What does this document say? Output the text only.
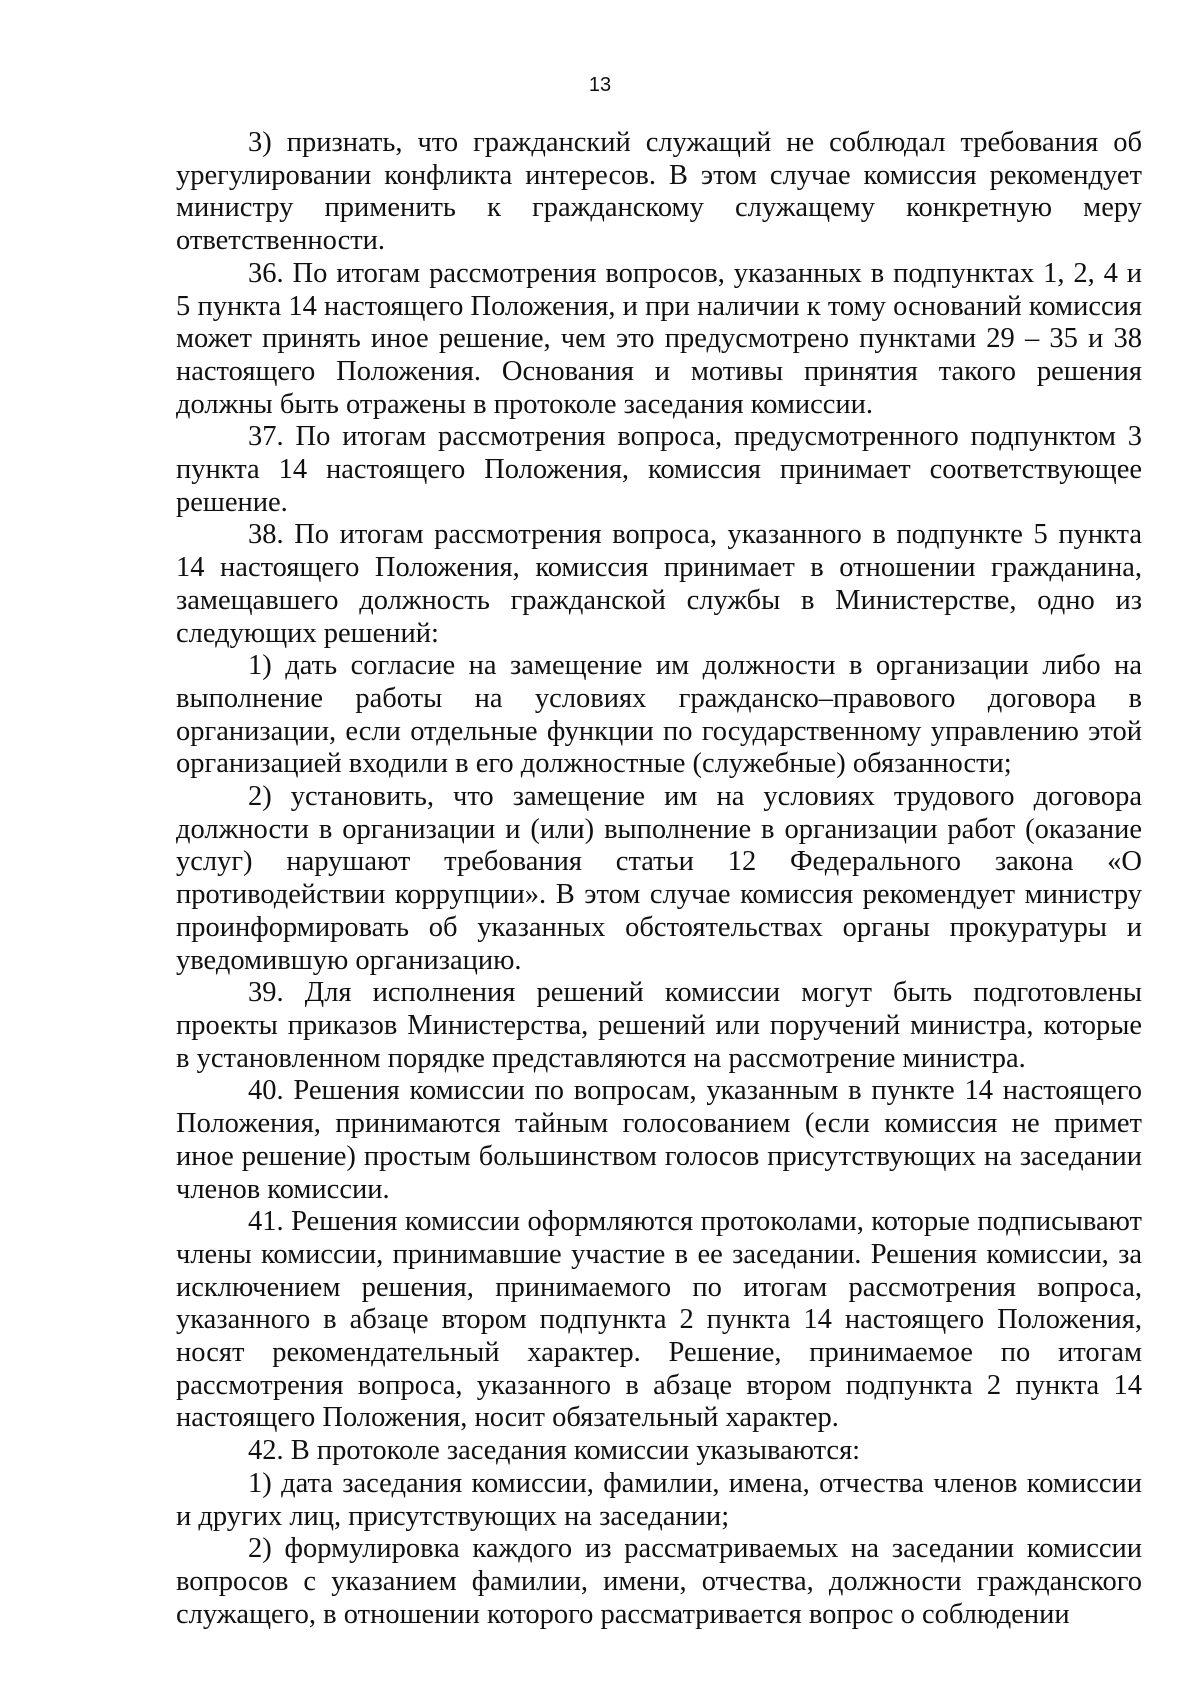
13

3) признать, что гражданский служащий не соблюдал требования об урегулировании конфликта интересов. В этом случае комиссия рекомендует министру применить к гражданскому служащему конкретную меру ответственности.

36. По итогам рассмотрения вопросов, указанных в подпунктах 1, 2, 4 и 5 пункта 14 настоящего Положения, и при наличии к тому оснований комиссия может принять иное решение, чем это предусмотрено пунктами 29 – 35 и 38 настоящего Положения. Основания и мотивы принятия такого решения должны быть отражены в протоколе заседания комиссии.

37. По итогам рассмотрения вопроса, предусмотренного подпунктом 3 пункта 14 настоящего Положения, комиссия принимает соответствующее решение.

38. По итогам рассмотрения вопроса, указанного в подпункте 5 пункта 14 настоящего Положения, комиссия принимает в отношении гражданина, замещавшего должность гражданской службы в Министерстве, одно из следующих решений:

1) дать согласие на замещение им должности в организации либо на выполнение работы на условиях гражданско–правового договора в организации, если отдельные функции по государственному управлению этой организацией входили в его должностные (служебные) обязанности;

2) установить, что замещение им на условиях трудового договора должности в организации и (или) выполнение в организации работ (оказание услуг) нарушают требования статьи 12 Федерального закона «О противодействии коррупции». В этом случае комиссия рекомендует министру проинформировать об указанных обстоятельствах органы прокуратуры и уведомившую организацию.

39. Для исполнения решений комиссии могут быть подготовлены проекты приказов Министерства, решений или поручений министра, которые в установленном порядке представляются на рассмотрение министра.

40. Решения комиссии по вопросам, указанным в пункте 14 настоящего Положения, принимаются тайным голосованием (если комиссия не примет иное решение) простым большинством голосов присутствующих на заседании членов комиссии.

41. Решения комиссии оформляются протоколами, которые подписывают члены комиссии, принимавшие участие в ее заседании. Решения комиссии, за исключением решения, принимаемого по итогам рассмотрения вопроса, указанного в абзаце втором подпункта 2 пункта 14 настоящего Положения, носят рекомендательный характер. Решение, принимаемое по итогам рассмотрения вопроса, указанного в абзаце втором подпункта 2 пункта 14 настоящего Положения, носит обязательный характер.

42. В протоколе заседания комиссии указываются:

1) дата заседания комиссии, фамилии, имена, отчества членов комиссии и других лиц, присутствующих на заседании;

2) формулировка каждого из рассматриваемых на заседании комиссии вопросов с указанием фамилии, имени, отчества, должности гражданского служащего, в отношении которого рассматривается вопрос о соблюдении
